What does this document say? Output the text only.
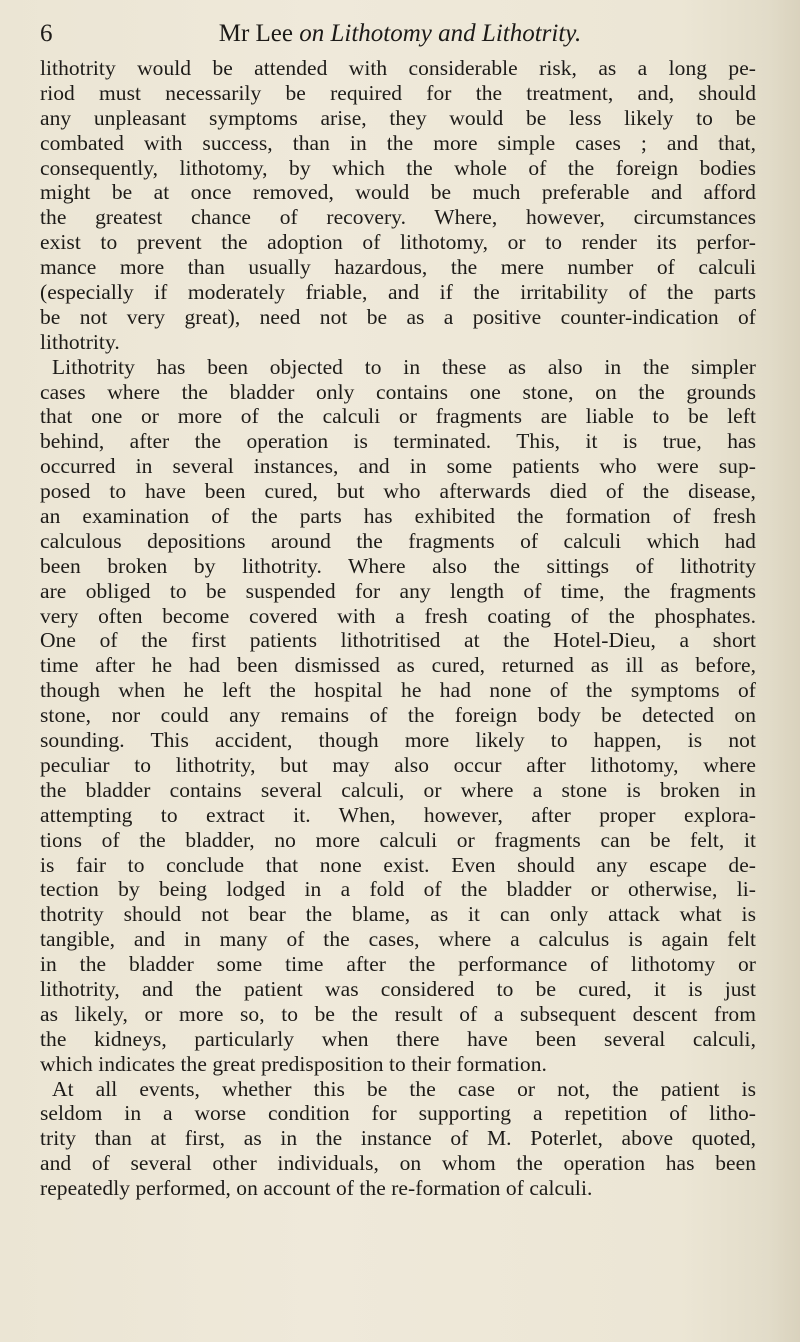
6	Mr Lee on Lithotomy and Lithotrity.
lithotrity would be attended with considerable risk, as a long pe-
riod must necessarily be required for the treatment, and, should
any unpleasant symptoms arise, they would be less likely to be
combated with success, than in the more simple cases ; and that,
consequently, lithotomy, by which the whole of the foreign bodies
might be at once removed, would be much preferable and afford
the greatest chance of recovery. Where, however, circumstances
exist to prevent the adoption of lithotomy, or to render its perfor-
mance more than usually hazardous, the mere number of calculi
(especially if moderately friable, and if the irritability of the parts
be not very great), need not be as a positive counter-indication of
lithotrity.
Lithotrity has been objected to in these as also in the simpler
cases where the bladder only contains one stone, on the grounds
that one or more of the calculi or fragments are liable to be left
behind, after the operation is terminated. This, it is true, has
occurred in several instances, and in some patients who were sup-
posed to have been cured, but who afterwards died of the disease,
an examination of the parts has exhibited the formation of fresh
calculous depositions around the fragments of calculi which had
been broken by lithotrity. Where also the sittings of lithotrity
are obliged to be suspended for any length of time, the fragments
very often become covered with a fresh coating of the phosphates.
One of the first patients lithotritised at the Hotel-Dieu, a short
time after he had been dismissed as cured, returned as ill as before,
though when he left the hospital he had none of the symptoms of
stone, nor could any remains of the foreign body be detected on
sounding. This accident, though more likely to happen, is not
peculiar to lithotrity, but may also occur after lithotomy, where
the bladder contains several calculi, or where a stone is broken in
attempting to extract it. When, however, after proper explora-
tions of the bladder, no more calculi or fragments can be felt, it
is fair to conclude that none exist. Even should any escape de-
tection by being lodged in a fold of the bladder or otherwise, li-
thotrity should not bear the blame, as it can only attack what is
tangible, and in many of the cases, where a calculus is again felt
in the bladder some time after the performance of lithotomy or
lithotrity, and the patient was considered to be cured, it is just
as likely, or more so, to be the result of a subsequent descent from
the kidneys, particularly when there have been several calculi,
which indicates the great predisposition to their formation.
At all events, whether this be the case or not, the patient is
seldom in a worse condition for supporting a repetition of litho-
trity than at first, as in the instance of M. Poterlet, above quoted,
and of several other individuals, on whom the operation has been
repeatedly performed, on account of the re-formation of calculi.
